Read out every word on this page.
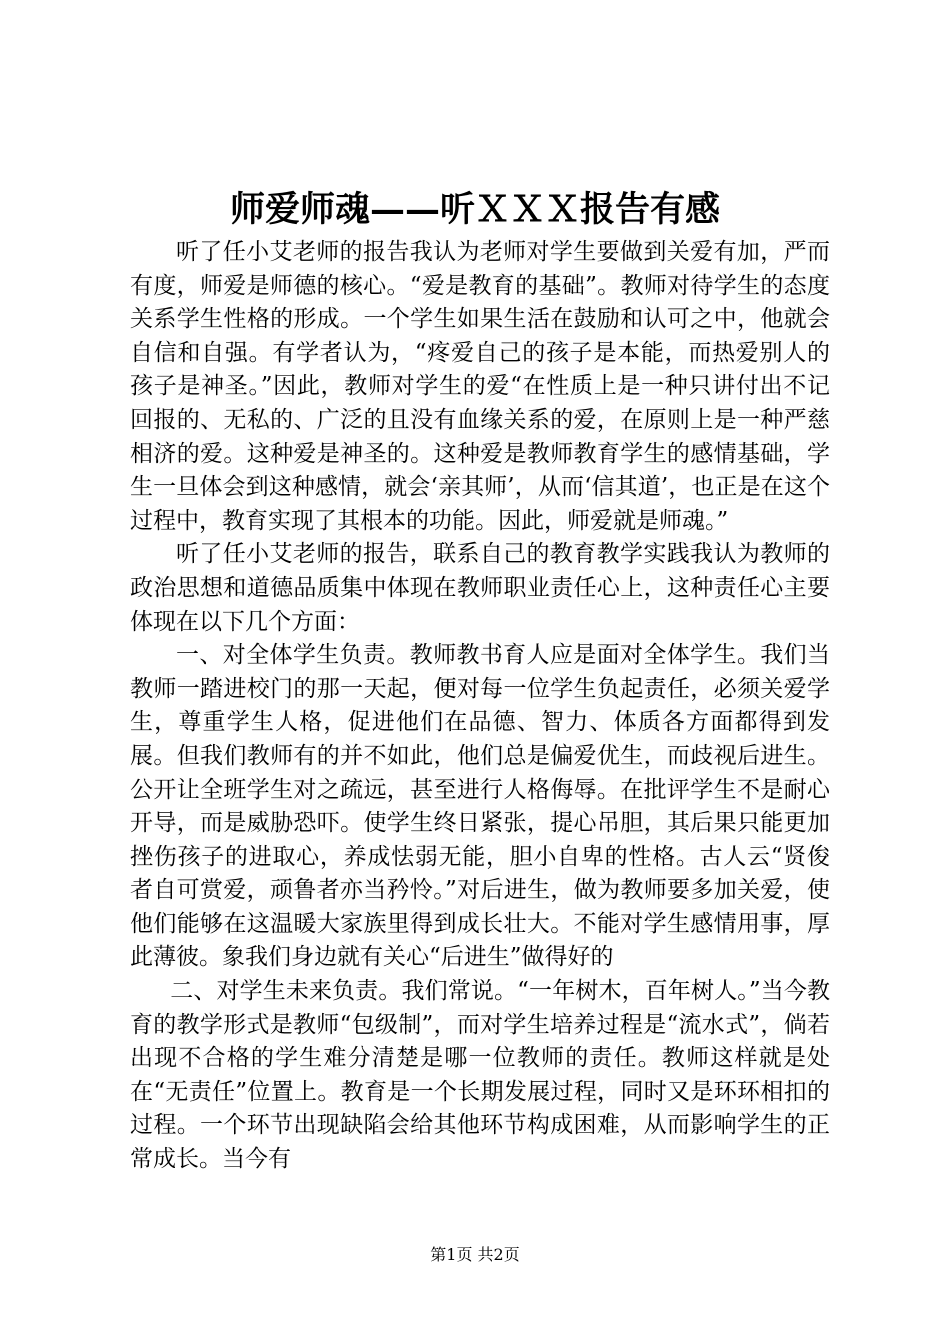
师爱师魂——听ＸＸＸ报告有感

听了任小艾老师的报告我认为老师对学生要做到关爱有加，严而有度，师爱是师德的核心。“爱是教育的基础”。教师对待学生的态度关系学生性格的形成。一个学生如果生活在鼓励和认可之中，他就会自信和自强。有学者认为，“疼爱自己的孩子是本能，而热爱别人的孩子是神圣。”因此，教师对学生的爱“在性质上是一种只讲付出不记回报的、无私的、广泛的且没有血缘关系的爱，在原则上是一种严慈相济的爱。这种爱是神圣的。这种爱是教师教育学生的感情基础，学生一旦体会到这种感情，就会‘亲其师’，从而‘信其道’，也正是在这个过程中，教育实现了其根本的功能。因此，师爱就是师魂。”

听了任小艾老师的报告，联系自己的教育教学实践我认为教师的政治思想和道德品质集中体现在教师职业责任心上，这种责任心主要体现在以下几个方面：

一、对全体学生负责。教师教书育人应是面对全体学生。我们当教师一踏进校门的那一天起，便对每一位学生负起责任，必须关爱学生，尊重学生人格，促进他们在品德、智力、体质各方面都得到发展。但我们教师有的并不如此，他们总是偏爱优生，而歧视后进生。公开让全班学生对之疏远，甚至进行人格侮辱。在批评学生不是耐心开导，而是威胁恐吓。使学生终日紧张，提心吊胆，其后果只能更加挫伤孩子的进取心，养成怯弱无能，胆小自卑的性格。古人云“贤俊者自可赏爱，顽鲁者亦当矜怜。”对后进生，做为教师要多加关爱，使他们能够在这温暖大家族里得到成长壮大。不能对学生感情用事，厚此薄彼。象我们身边就有关心“后进生”做得好的

二、对学生未来负责。我们常说。“一年树木，百年树人。”当今教育的教学形式是教师“包级制”，而对学生培养过程是“流水式”，倘若出现不合格的学生难分清楚是哪一位教师的责任。教师这样就是处在“无责任”位置上。教育是一个长期发展过程，同时又是环环相扣的过程。一个环节出现缺陷会给其他环节构成困难，从而影响学生的正常成长。当今有

第1页 共2页
